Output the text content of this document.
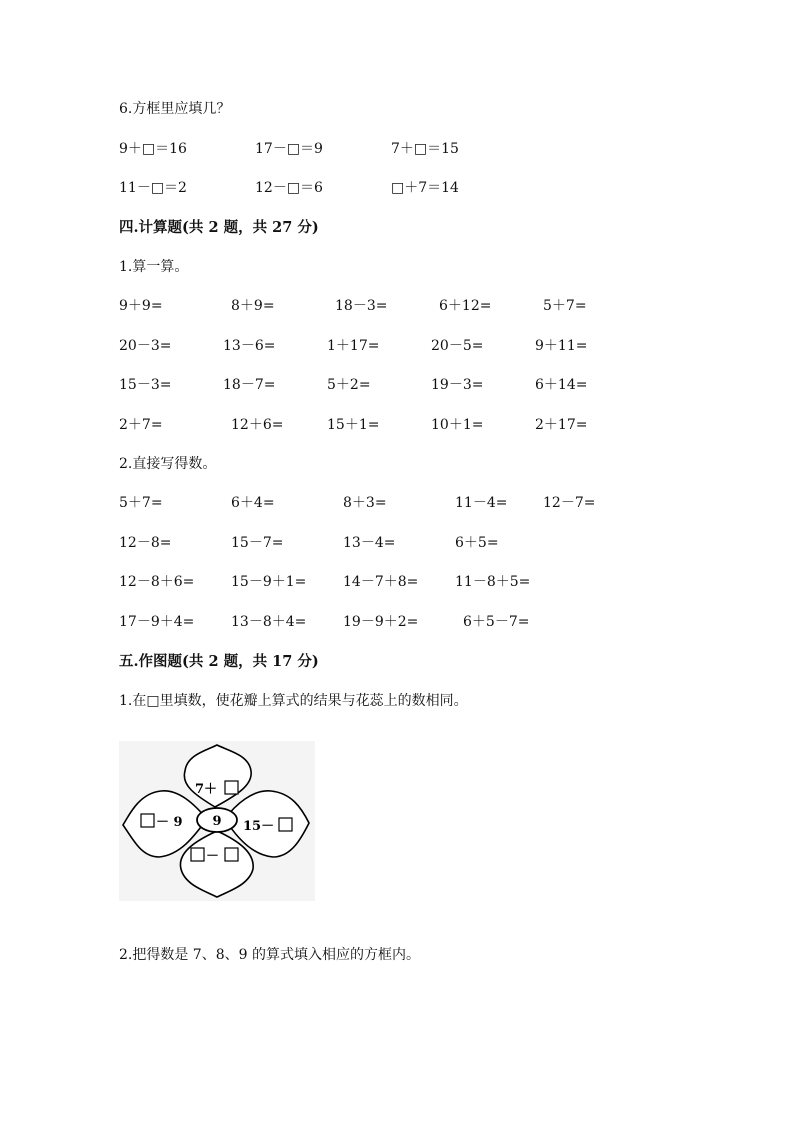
6.方框里应填几？
9＋□＝16	17－□＝9	7＋□＝15
11－□＝2	12－□＝6	□＋7＝14
四.计算题(共 2 题，共 27 分)
1.算一算。
9＋9=	8＋9=	18－3=	6＋12=	5＋7=
20－3=	13－6=	1＋17=	20－5=	9＋11=
15－3=	18－7=	5＋2=	19－3=	6＋14=
2＋7=	12＋6=	15＋1=	10＋1=	2＋17=
2.直接写得数。
5＋7=	6＋4=	8＋3=	11－4=	12－7=
12－8=	15－7=	13－4=	6＋5=
12－8＋6=	15－9＋1=	14－7＋8=	11－8＋5=
17－9＋4=	13－8＋4=	19－9＋2=	6＋5－7=
五.作图题(共 2 题，共 17 分)
1.在□里填数，使花瓣上算式的结果与花蕊上的数相同。
9
7＋
－ 9	15－
－
2.把得数是 7、8、9 的算式填入相应的方框内。
